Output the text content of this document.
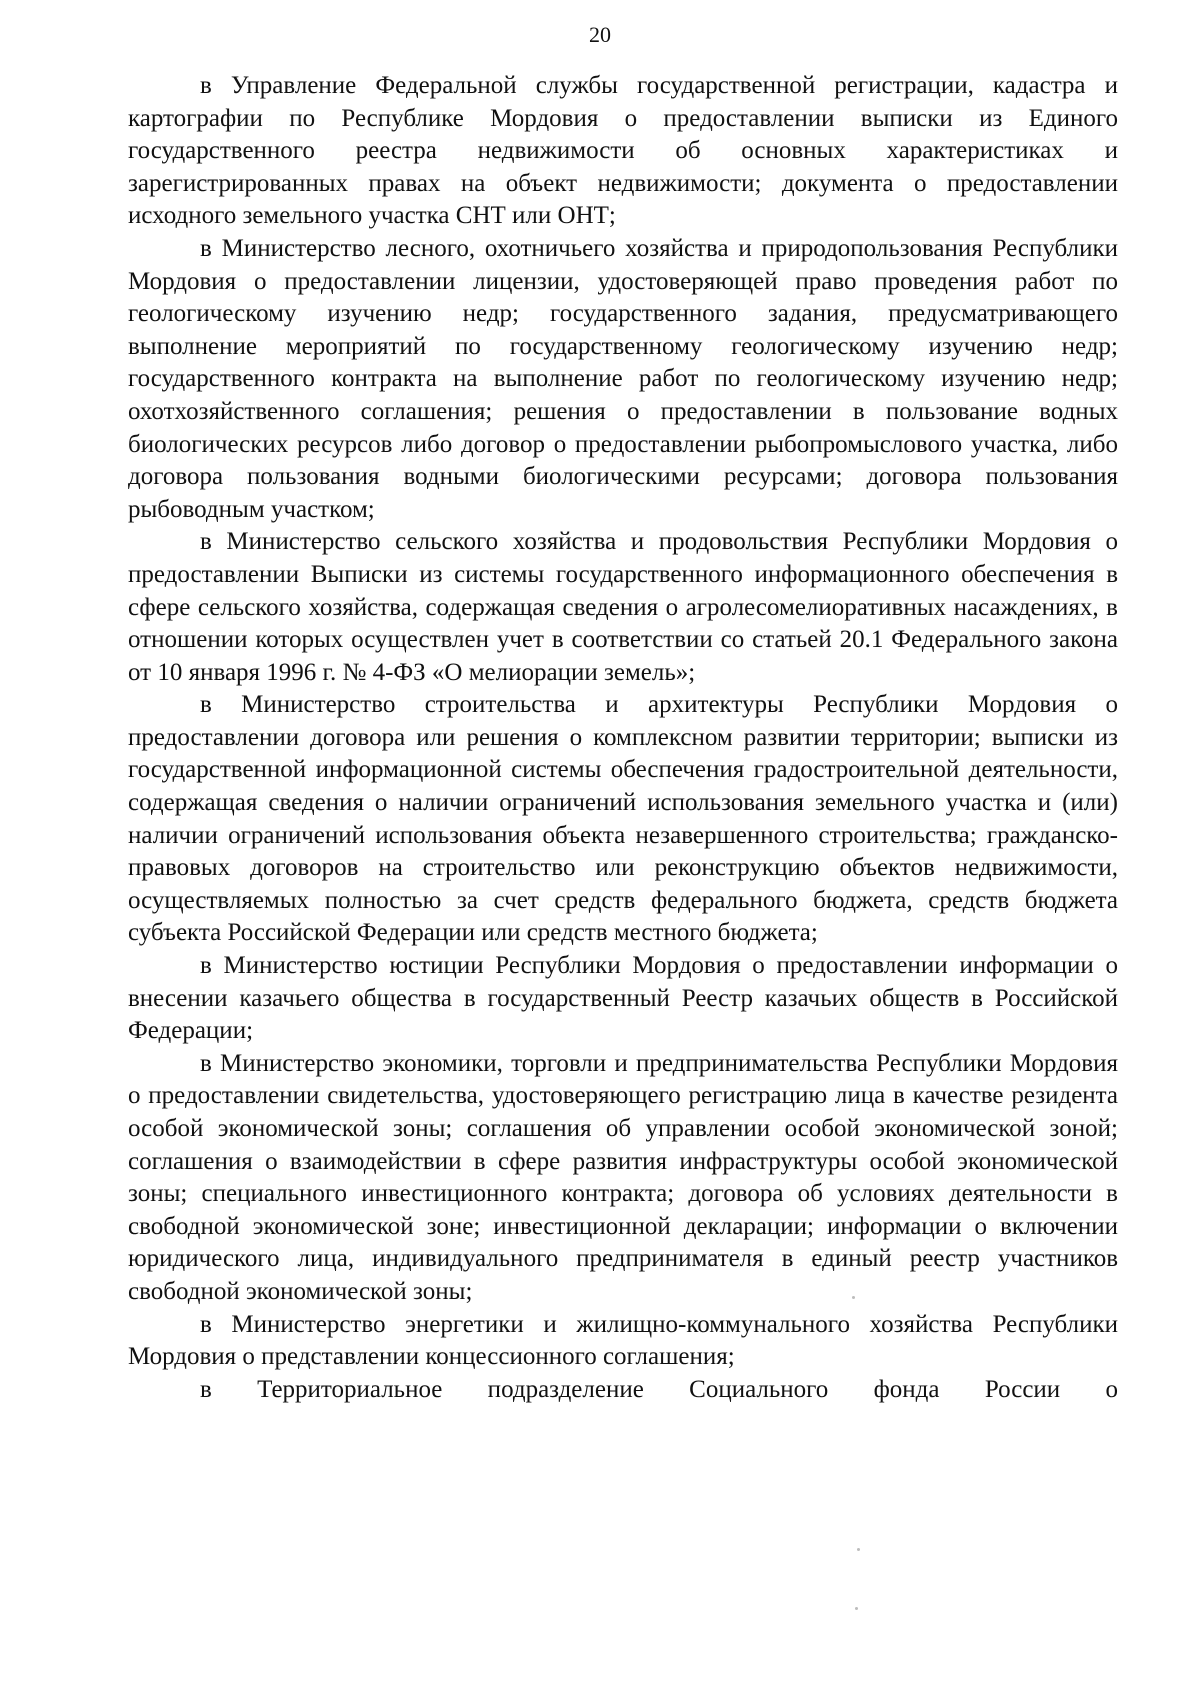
20

в Управление Федеральной службы государственной регистрации, кадастра и картографии по Республике Мордовия о предоставлении выписки из Единого государственного реестра недвижимости об основных характеристиках и зарегистрированных правах на объект недвижимости; документа о предоставлении исходного земельного участка СНТ или ОНТ;

в Министерство лесного, охотничьего хозяйства и природопользования Республики Мордовия о предоставлении лицензии, удостоверяющей право проведения работ по геологическому изучению недр; государственного задания, предусматривающего выполнение мероприятий по государственному геологическому изучению недр; государственного контракта на выполнение работ по геологическому изучению недр; охотхозяйственного соглашения; решения о предоставлении в пользование водных биологических ресурсов либо договор о предоставлении рыбопромыслового участка, либо договора пользования водными биологическими ресурсами; договора пользования рыбоводным участком;

в Министерство сельского хозяйства и продовольствия Республики Мордовия о предоставлении Выписки из системы государственного информационного обеспечения в сфере сельского хозяйства, содержащая сведения о агролесомелиоративных насаждениях, в отношении которых осуществлен учет в соответствии со статьей 20.1 Федерального закона от 10 января 1996 г. № 4-ФЗ «О мелиорации земель»;

в Министерство строительства и архитектуры Республики Мордовия о предоставлении договора или решения о комплексном развитии территории; выписки из государственной информационной системы обеспечения градостроительной деятельности, содержащая сведения о наличии ограничений использования земельного участка и (или) наличии ограничений использования объекта незавершенного строительства; гражданско-правовых договоров на строительство или реконструкцию объектов недвижимости, осуществляемых полностью за счет средств федерального бюджета, средств бюджета субъекта Российской Федерации или средств местного бюджета;

в Министерство юстиции Республики Мордовия о предоставлении информации о внесении казачьего общества в государственный Реестр казачьих обществ в Российской Федерации;

в Министерство экономики, торговли и предпринимательства Республики Мордовия о предоставлении свидетельства, удостоверяющего регистрацию лица в качестве резидента особой экономической зоны; соглашения об управлении особой экономической зоной; соглашения о взаимодействии в сфере развития инфраструктуры особой экономической зоны; специального инвестиционного контракта; договора об условиях деятельности в свободной экономической зоне; инвестиционной декларации; информации о включении юридического лица, индивидуального предпринимателя в единый реестр участников свободной экономической зоны;

в Министерство энергетики и жилищно-коммунального хозяйства Республики Мордовия о представлении концессионного соглашения;

в Территориальное подразделение Социального фонда России о
